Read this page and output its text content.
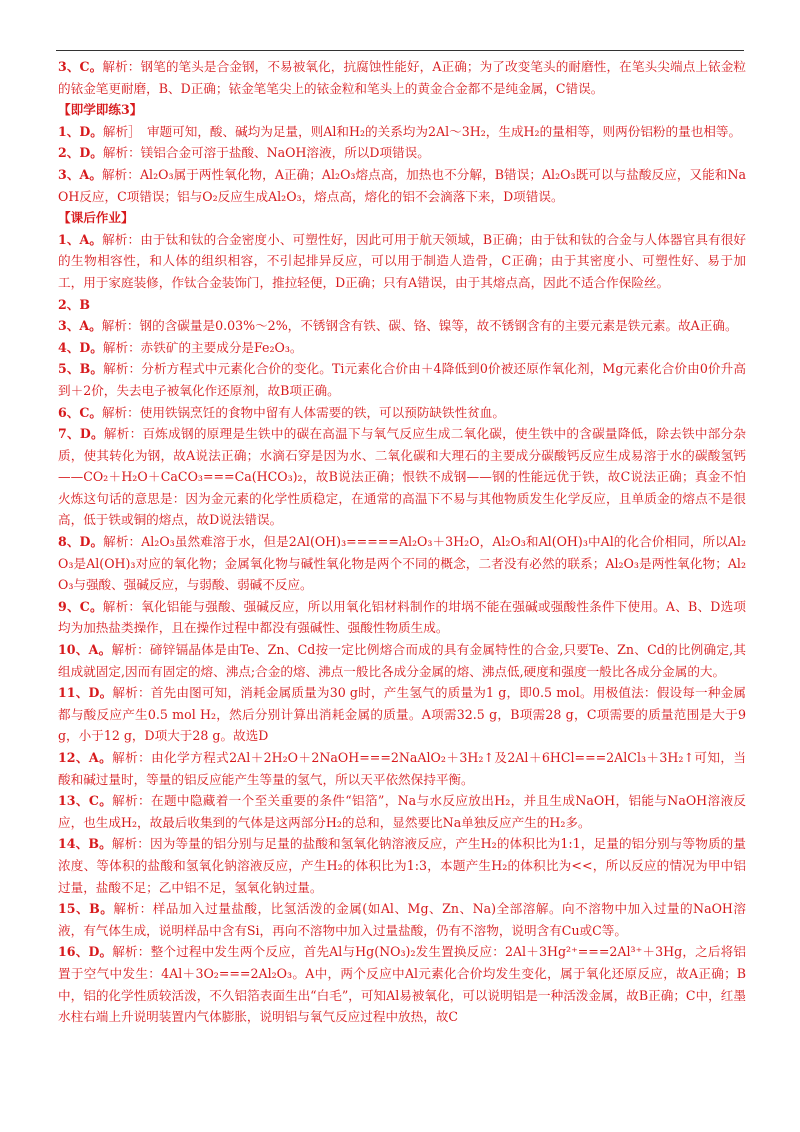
3、C。解析：钢笔的笔头是合金钢，不易被氧化，抗腐蚀性能好，A正确；为了改变笔头的耐磨性，在笔头尖端点上铱金粒的铱金笔更耐磨，B、D正确；铱金笔笔尖上的铱金粒和笔头上的黄金合金都不是纯金属，C错误。

【即学即练3】

1、D。解析］　审题可知，酸、碱均为足量，则Al和H₂的关系均为2Al～3H₂，生成H₂的量相等，则两份铝粉的量也相等。

2、D。解析：镁铝合金可溶于盐酸、NaOH溶液，所以D项错误。

3、A。解析：Al₂O₃属于两性氧化物，A正确；Al₂O₃熔点高，加热也不分解，B错误；Al₂O₃既可以与盐酸反应，又能和NaOH反应，C项错误；铝与O₂反应生成Al₂O₃，熔点高，熔化的铝不会滴落下来，D项错误。

【课后作业】

1、A。解析：由于钛和钛的合金密度小、可塑性好，因此可用于航天领域，B正确；由于钛和钛的合金与人体器官具有很好的生物相容性，和人体的组织相容，不引起排异反应，可以用于制造人造骨，C正确；由于其密度小、可塑性好、易于加工，用于家庭装修，作钛合金装饰门，推拉轻便，D正确；只有A错误，由于其熔点高，因此不适合作保险丝。

2、B

3、A。解析：钢的含碳量是0.03%～2%，不锈钢含有铁、碳、铬、镍等，故不锈钢含有的主要元素是铁元素。故A正确。

4、D。解析：赤铁矿的主要成分是Fe₂O₃。

5、B。解析：分析方程式中元素化合价的变化。Ti元素化合价由＋4降低到0价被还原作氧化剂，Mg元素化合价由0价升高到＋2价，失去电子被氧化作还原剂，故B项正确。

6、C。解析：使用铁锅烹饪的食物中留有人体需要的铁，可以预防缺铁性贫血。

7、D。解析：百炼成钢的原理是生铁中的碳在高温下与氧气反应生成二氧化碳，使生铁中的含碳量降低，除去铁中部分杂质，使其转化为钢，故A说法正确；水滴石穿是因为水、二氧化碳和大理石的主要成分碳酸钙反应生成易溶于水的碳酸氢钙——CO₂＋H₂O＋CaCO₃===Ca(HCO₃)₂，故B说法正确；恨铁不成钢——钢的性能远优于铁，故C说法正确；真金不怕火炼这句话的意思是：因为金元素的化学性质稳定，在通常的高温下不易与其他物质发生化学反应，且单质金的熔点不是很高，低于铁或铜的熔点，故D说法错误。

8、D。解析：Al₂O₃虽然难溶于水，但是2Al(OH)₃=====Al₂O₃＋3H₂O，Al₂O₃和Al(OH)₃中Al的化合价相同，所以Al₂O₃是Al(OH)₃对应的氧化物；金属氧化物与碱性氧化物是两个不同的概念，二者没有必然的联系；Al₂O₃是两性氧化物；Al₂O₃与强酸、强碱反应，与弱酸、弱碱不反应。

9、C。解析：氧化铝能与强酸、强碱反应，所以用氧化铝材料制作的坩埚不能在强碱或强酸性条件下使用。A、B、D选项均为加热盐类操作，且在操作过程中都没有强碱性、强酸性物质生成。

10、A。解析：碲锌镉晶体是由Te、Zn、Cd按一定比例熔合而成的具有金属特性的合金,只要Te、Zn、Cd的比例确定,其组成就固定,因而有固定的熔、沸点;合金的熔、沸点一般比各成分金属的熔、沸点低,硬度和强度一般比各成分金属的大。

11、D。解析：首先由图可知，消耗金属质量为30 g时，产生氢气的质量为1 g，即0.5 mol。用极值法：假设每一种金属都与酸反应产生0.5 mol H₂，然后分别计算出消耗金属的质量。A项需32.5 g，B项需28 g，C项需要的质量范围是大于9 g，小于12 g，D项大于28 g。故选D

12、A。解析：由化学方程式2Al＋2H₂O＋2NaOH===2NaAlO₂＋3H₂↑及2Al＋6HCl===2AlCl₃＋3H₂↑可知，当酸和碱过量时，等量的铝反应能产生等量的氢气，所以天平依然保持平衡。

13、C。解析：在题中隐藏着一个至关重要的条件“铝箔”，Na与水反应放出H₂，并且生成NaOH，铝能与NaOH溶液反应，也生成H₂，故最后收集到的气体是这两部分H₂的总和，显然要比Na单独反应产生的H₂多。

14、B。解析：因为等量的铝分别与足量的盐酸和氢氧化钠溶液反应，产生H₂的体积比为1:1，足量的铝分别与等物质的量浓度、等体积的盐酸和氢氧化钠溶液反应，产生H₂的体积比为1:3，本题产生H₂的体积比为<<，所以反应的情况为甲中铝过量，盐酸不足；乙中铝不足，氢氧化钠过量。

15、B。解析：样品加入过量盐酸，比氢活泼的金属(如Al、Mg、Zn、Na)全部溶解。向不溶物中加入过量的NaOH溶液，有气体生成，说明样品中含有Si，再向不溶物中加入过量盐酸，仍有不溶物，说明含有Cu或C等。

16、D。解析：整个过程中发生两个反应，首先Al与Hg(NO₃)₂发生置换反应：2Al＋3Hg²⁺===2Al³⁺＋3Hg，之后将铝置于空气中发生：4Al＋3O₂===2Al₂O₃。A中，两个反应中Al元素化合价均发生变化，属于氧化还原反应，故A正确；B中，铝的化学性质较活泼，不久铝箔表面生出“白毛”，可知Al易被氧化，可以说明铝是一种活泼金属，故B正确；C中，红墨水柱右端上升说明装置内气体膨胀，说明铝与氧气反应过程中放热，故C
